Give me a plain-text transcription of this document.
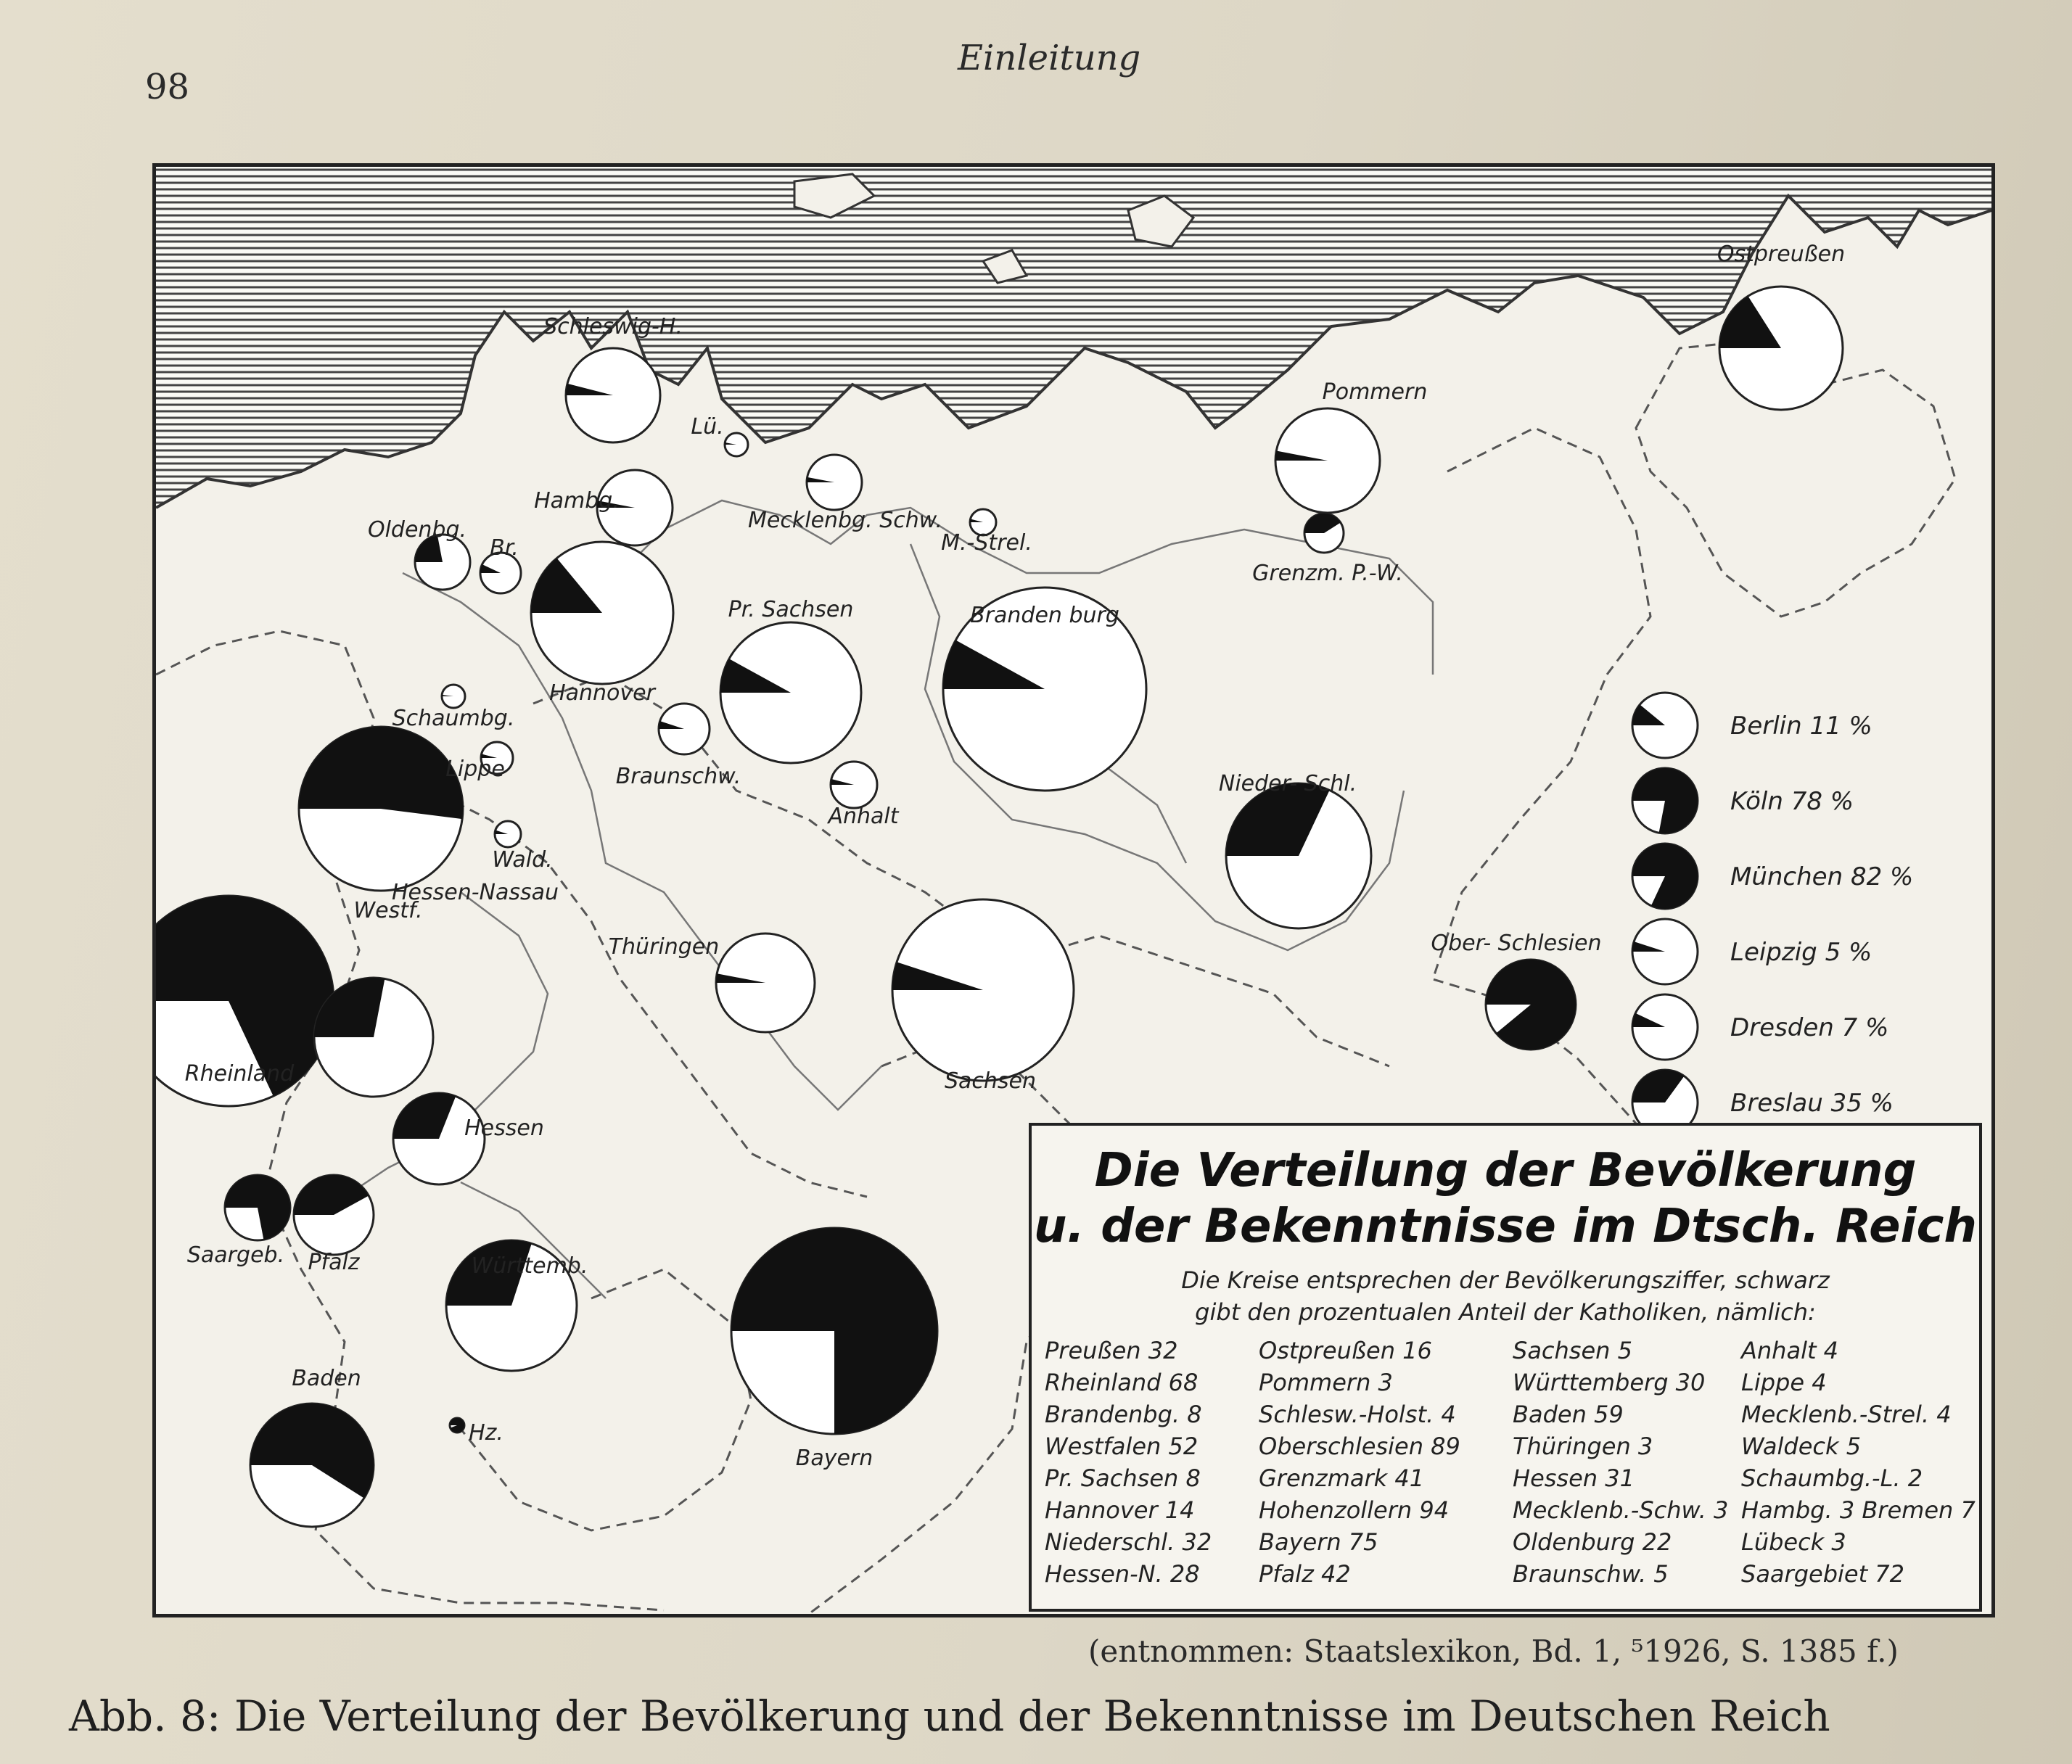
98
Einleitung
Ostpreußen
Pommern
Schleswig-H.
Lü.
Hambg.
Br.
Oldenbg.	Mecklenbg. Schw.
M.-Strel.
Grenzm. P.-W.
Hannover
Branden burg
Braunschw.
Lippe
Schaumbg.
Anhalt
Pr. Sachsen
Westf.
Rheinland
Hessen-Nassau
Wald.
Thüringen
Sachsen
Nieder- Schl.
Ober- Schlesien
Hessen
Saargeb. Pfalz	Württemb.
Baden
Hz.
Bayern
Berlin 11 %
Köln 78 %
München 82 %
Leipzig 5 %
Dresden 7 %
Breslau 35 %
Die Verteilung der Bevölkerung
u. der Bekenntnisse im Dtsch. Reich
Die Kreise entsprechen der Bevölkerungsziffer, schwarz
gibt den prozentualen Anteil der Katholiken, nämlich:
Preußen 32
Rheinland 68
Brandenbg. 8
Westfalen 52
Pr. Sachsen 8
Hannover 14
Niederschl. 32
Hessen-N. 28
Ostpreußen 16
Pommern 3
Schlesw.-Holst. 4
Oberschlesien 89
Grenzmark 41
Hohenzollern 94
Bayern 75
Pfalz 42
Sachsen 5
Württemberg 30
Baden 59
Thüringen 3
Hessen 31
Mecklenb.-Schw. 3
Oldenburg 22
Braunschw. 5
Anhalt 4
Lippe 4
Mecklenb.-Strel. 4
Waldeck 5
Schaumbg.-L. 2
Hambg. 3 Bremen 7
Lübeck 3
Saargebiet 72
(entnommen: Staatslexikon, Bd. 1, ⁵1926, S. 1385 f.)
Abb. 8: Die Verteilung der Bevölkerung und der Bekenntnisse im Deutschen Reich
